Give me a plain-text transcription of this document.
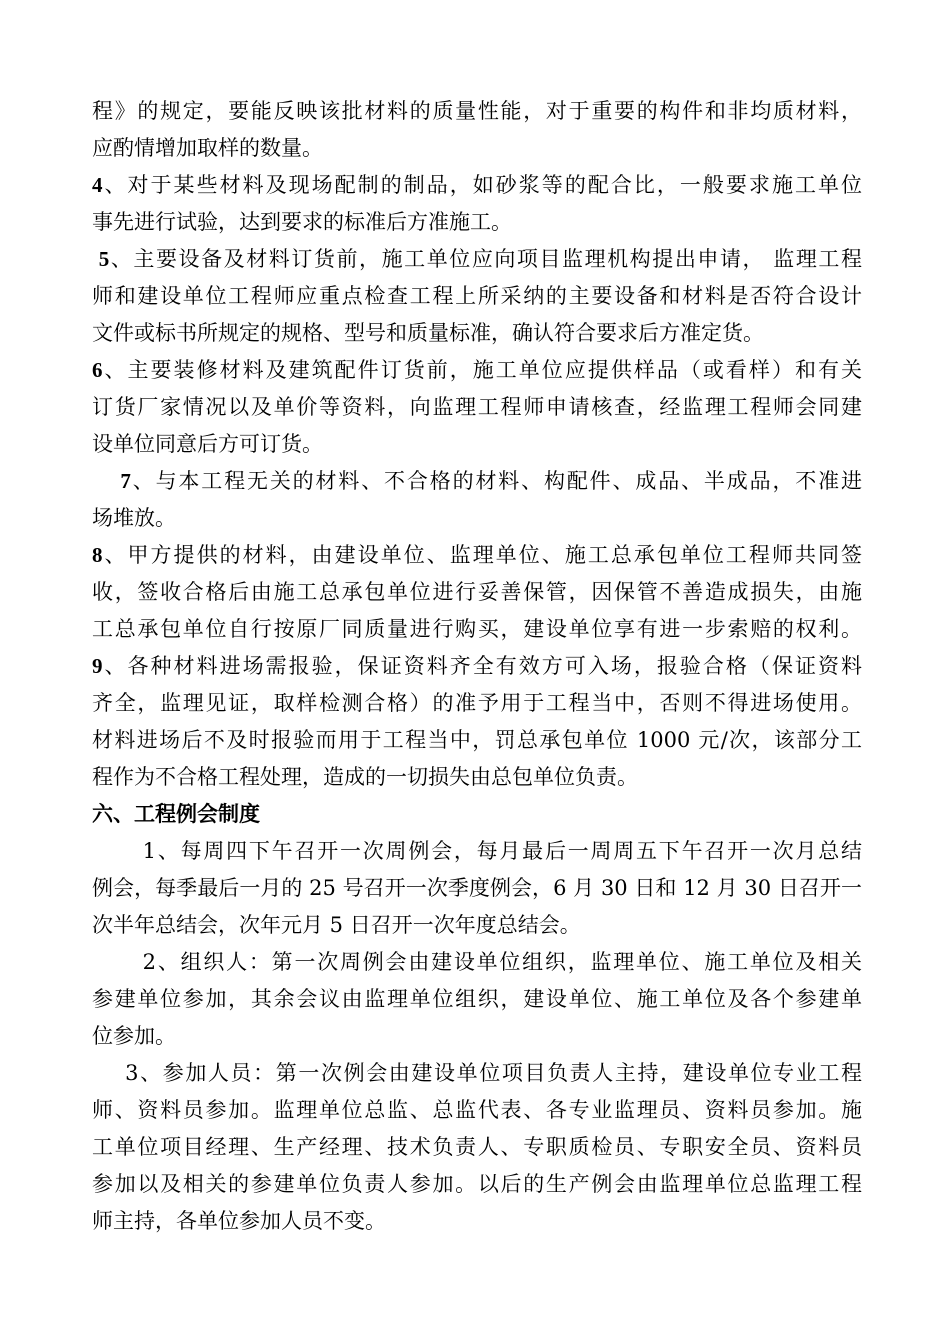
程》的规定，要能反映该批材料的质量性能，对于重要的构件和非均质材料，
应酌情增加取样的数量。
4、对于某些材料及现场配制的制品，如砂浆等的配合比，一般要求施工单位
事先进行试验，达到要求的标准后方准施工。
5、主要设备及材料订货前，施工单位应向项目监理机构提出申请， 监理工程
师和建设单位工程师应重点检查工程上所采纳的主要设备和材料是否符合设计
文件或标书所规定的规格、型号和质量标准，确认符合要求后方准定货。
6、主要装修材料及建筑配件订货前，施工单位应提供样品（或看样）和有关
订货厂家情况以及单价等资料，向监理工程师申请核查，经监理工程师会同建
设单位同意后方可订货。
7、与本工程无关的材料、不合格的材料、构配件、成品、半成品，不准进
场堆放。
8、甲方提供的材料，由建设单位、监理单位、施工总承包单位工程师共同签
收，签收合格后由施工总承包单位进行妥善保管，因保管不善造成损失，由施
工总承包单位自行按原厂同质量进行购买，建设单位享有进一步索赔的权利。
9、各种材料进场需报验，保证资料齐全有效方可入场，报验合格（保证资料
齐全，监理见证，取样检测合格）的准予用于工程当中，否则不得进场使用。
材料进场后不及时报验而用于工程当中，罚总承包单位 1000 元/次，该部分工
程作为不合格工程处理，造成的一切损失由总包单位负责。
六、工程例会制度
1、每周四下午召开一次周例会，每月最后一周周五下午召开一次月总结
例会，每季最后一月的 25 号召开一次季度例会，6 月 30 日和 12 月 30 日召开一
次半年总结会，次年元月 5 日召开一次年度总结会。
2、组织人：第一次周例会由建设单位组织，监理单位、施工单位及相关
参建单位参加，其余会议由监理单位组织，建设单位、施工单位及各个参建单
位参加。
3、参加人员：第一次例会由建设单位项目负责人主持，建设单位专业工程
师、资料员参加。监理单位总监、总监代表、各专业监理员、资料员参加。施
工单位项目经理、生产经理、技术负责人、专职质检员、专职安全员、资料员
参加以及相关的参建单位负责人参加。以后的生产例会由监理单位总监理工程
师主持，各单位参加人员不变。
